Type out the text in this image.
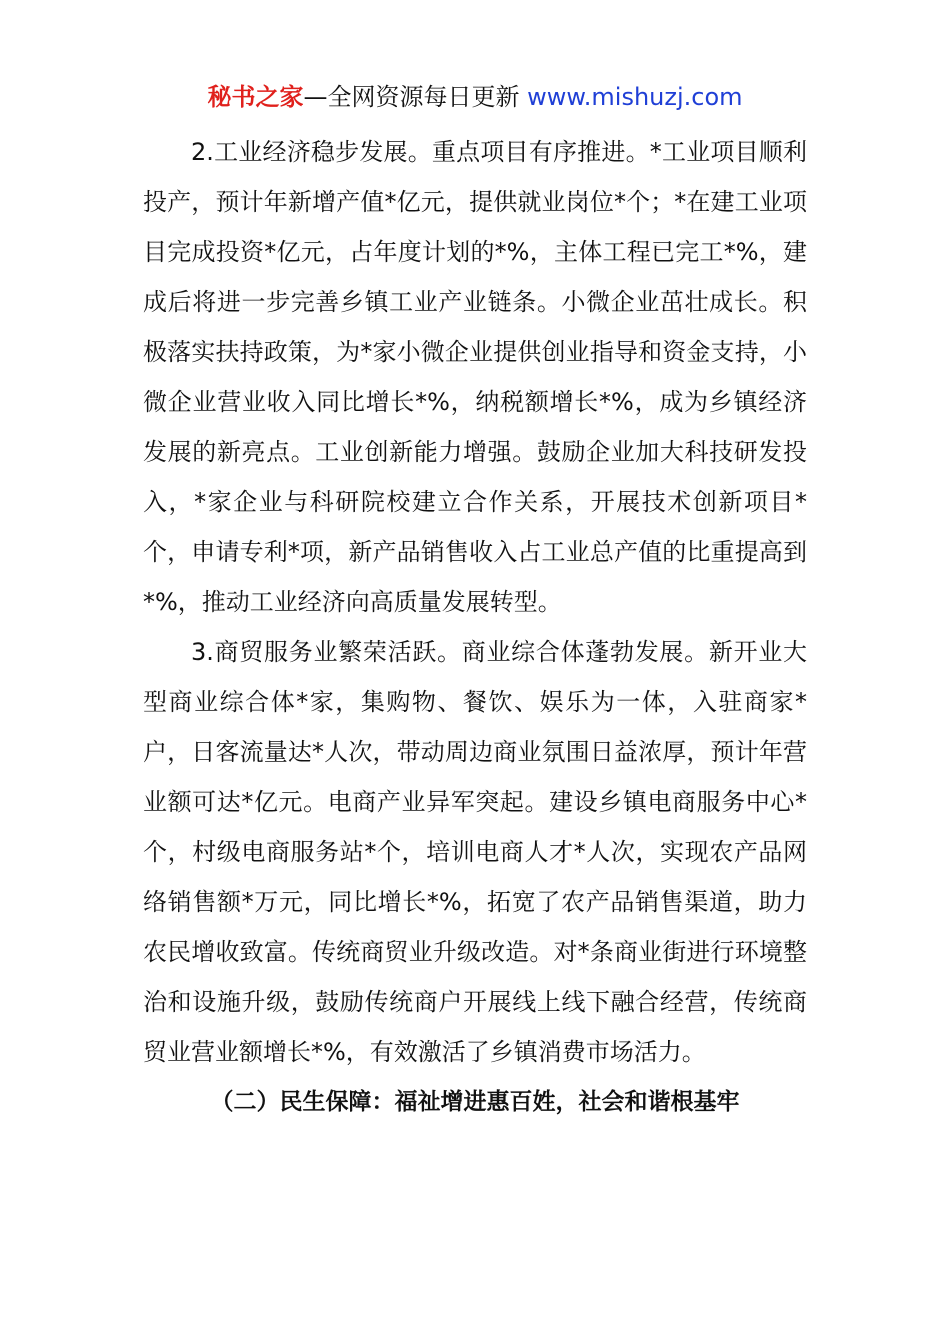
秘书之家—全网资源每日更新 www.mishuzj.com

2.工业经济稳步发展。重点项目有序推进。*工业项目顺利投产，预计年新增产值*亿元，提供就业岗位*个；*在建工业项目完成投资*亿元，占年度计划的*%，主体工程已完工*%，建成后将进一步完善乡镇工业产业链条。小微企业茁壮成长。积极落实扶持政策，为*家小微企业提供创业指导和资金支持，小微企业营业收入同比增长*%，纳税额增长*%，成为乡镇经济发展的新亮点。工业创新能力增强。鼓励企业加大科技研发投入，*家企业与科研院校建立合作关系，开展技术创新项目*个，申请专利*项，新产品销售收入占工业总产值的比重提高到*%，推动工业经济向高质量发展转型。

3.商贸服务业繁荣活跃。商业综合体蓬勃发展。新开业大型商业综合体*家，集购物、餐饮、娱乐为一体，入驻商家*户，日客流量达*人次，带动周边商业氛围日益浓厚，预计年营业额可达*亿元。电商产业异军突起。建设乡镇电商服务中心*个，村级电商服务站*个，培训电商人才*人次，实现农产品网络销售额*万元，同比增长*%，拓宽了农产品销售渠道，助力农民增收致富。传统商贸业升级改造。对*条商业街进行环境整治和设施升级，鼓励传统商户开展线上线下融合经营，传统商贸业营业额增长*%，有效激活了乡镇消费市场活力。

（二）民生保障：福祉增进惠百姓，社会和谐根基牢
